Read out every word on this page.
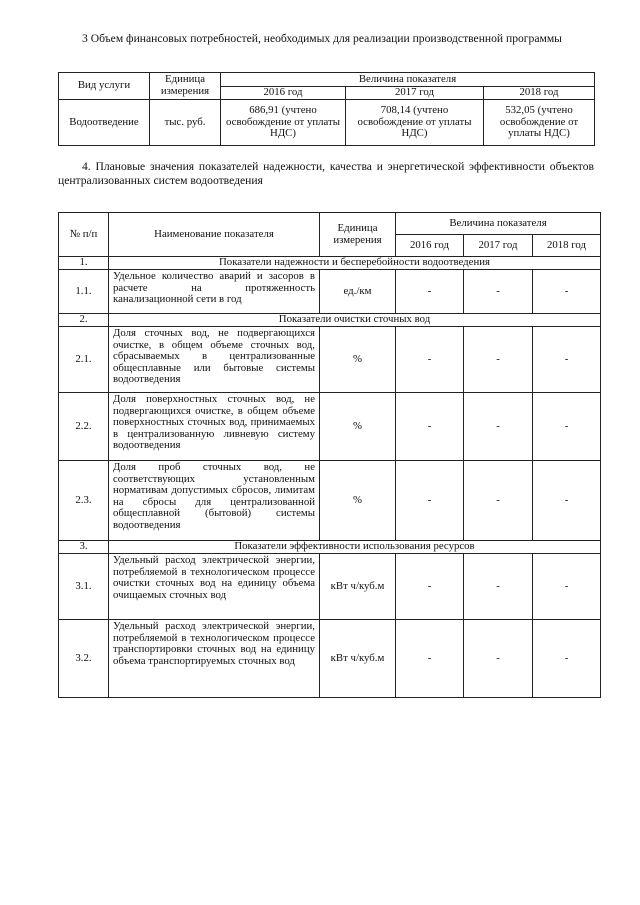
3 Объем финансовых потребностей, необходимых для реализации производственной программы
Вид услуги	Единица измерения	Величина показателя		
		2016 год	2017 год	2018 год
Водоотведение	тыс. руб.	686,91 (учтено освобождение от уплаты НДС)	708,14 (учтено освобождение от уплаты НДС)	532,05 (учтено освобождение от уплаты НДС)
4. Плановые значения показателей надежности, качества и энергетической эффективности объектов централизованных систем водоотведения
№ п/п	Наименование показателя	Единица измерения	Величина показателя		
			2016 год	2017 год	2018 год
1.	Показатели надежности и бесперебойности водоотведения				
1.1.	Удельное количество аварий и засоров в расчете на протяженность канализационной сети в год	ед./км	-	-	-
2.	Показатели очистки сточных вод				
2.1.	Доля сточных вод, не подвергающихся очистке, в общем объеме сточных вод, сбрасываемых в централизованные общесплавные или бытовые системы водоотведения	%	-	-	-
2.2.	Доля поверхностных сточных вод, не подвергающихся очистке, в общем объеме поверхностных сточных вод, принимаемых в централизованную ливневую систему водоотведения	%	-	-	-
2.3.	Доля проб сточных вод, не соответствующих установленным нормативам допустимых сбросов, лимитам на сбросы для централизованной общесплавной (бытовой) системы водоотведения	%	-	-	-
3.	Показатели эффективности использования ресурсов				
3.1.	Удельный расход электрической энергии, потребляемой в технологическом процессе очистки сточных вод на единицу объема очищаемых сточных вод	кВт ч/куб.м	-	-	-
3.2.	Удельный расход электрической энергии, потребляемой в технологическом процессе транспортировки сточных вод на единицу объема транспортируемых сточных вод	кВт ч/куб.м	-	-	-
